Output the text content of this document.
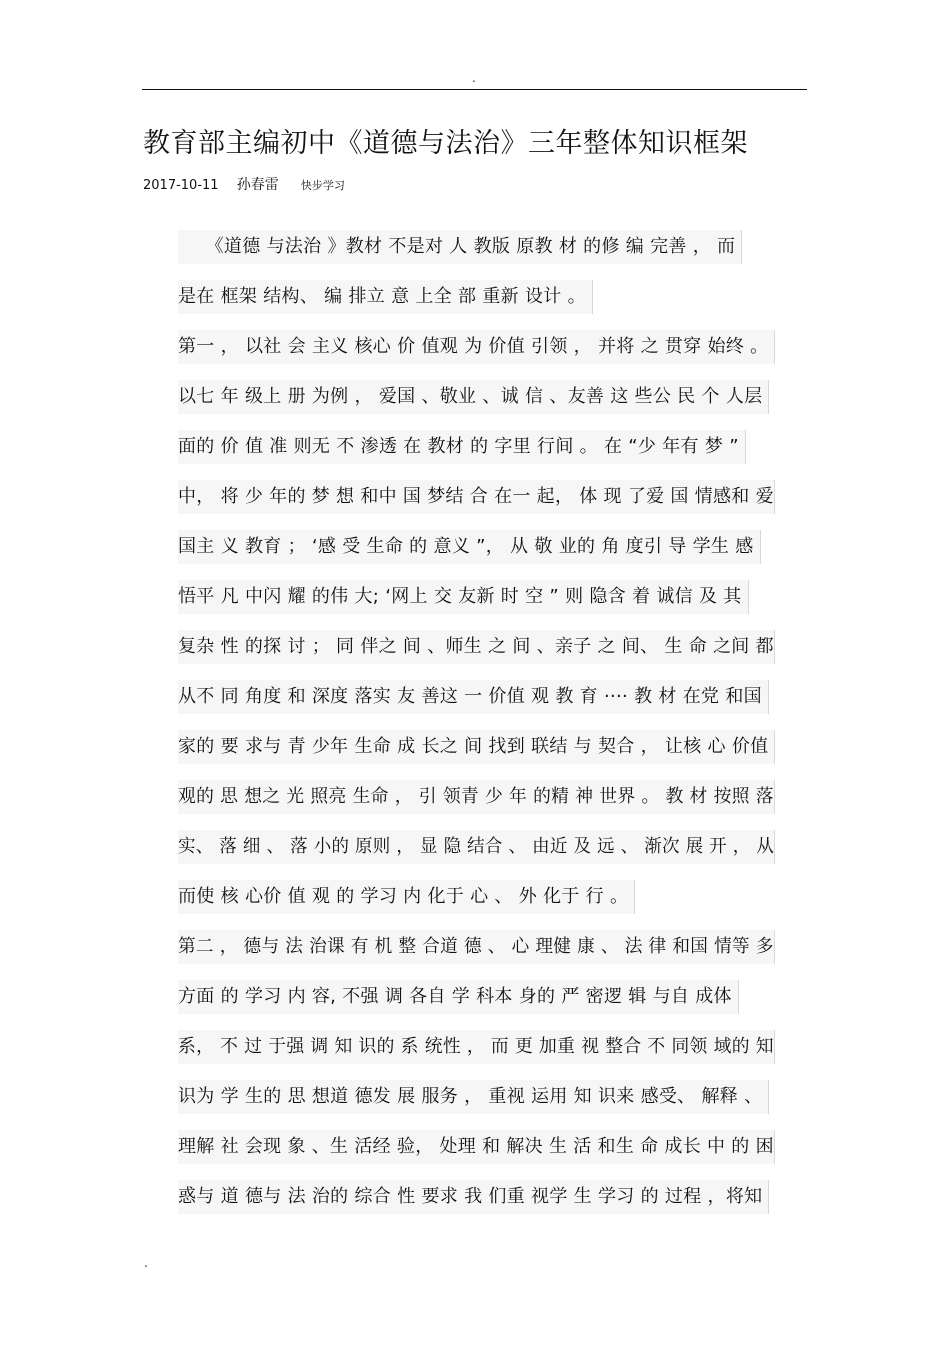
.
教育部主编初中《道德与法治》三年整体知识框架
2017-10-11 孙春雷 快步学习
　　《道德 与法治 》教材 不是对 人 教版 原教 材 的修 编 完善 ， 而
是在 框架 结构、 编 排立 意 上全 部 重新 设计 。
第一 ， 以社 会 主义 核心 价 值观 为 价值 引领 ， 并将 之 贯穿 始终 。
以七 年 级上 册 为例 ， 爱国 、敬业 、诚 信 、友善 这 些公 民 个 人层
面的 价 值 准 则无 不 渗透 在 教材 的 字里 行间 。 在 “少 年有 梦 ”
中， 将 少 年的 梦 想 和中 国 梦结 合 在一 起， 体 现 了爱 国 情感和 爱
国主 义 教育 ； ‘感 受 生命 的 意义 ”， 从 敬 业的 角 度引 导 学生 感
悟平 凡 中闪 耀 的伟 大; ‘网上 交 友新 时 空 ” 则 隐含 着 诚信 及 其
复杂 性 的探 讨 ； 同 伴之 间 、师生 之 间 、亲子 之 间、 生 命 之间 都
从不 同 角度 和 深度 落实 友 善这 一 价值 观 教 育 ···· 教 材 在党 和国
家的 要 求与 青 少年 生命 成 长之 间 找到 联结 与 契合 ， 让核 心 价值
观的 思 想之 光 照亮 生命 ， 引 领青 少 年 的精 神 世界 。 教 材 按照 落
实、 落 细 、 落 小的 原则 ， 显 隐 结合 、 由近 及 远 、 渐次 展 开 ， 从
而使 核 心价 值 观 的 学习 内 化于 心 、 外 化于 行 。
第二 ， 德与 法 治课 有 机 整 合道 德 、 心 理健 康 、 法 律 和国 情等 多
方面 的 学习 内 容, 不强 调 各自 学 科本 身的 严 密逻 辑 与自 成体
系， 不 过 于强 调 知 识的 系 统性 ， 而 更 加重 视 整合 不 同领 域的 知
识为 学 生的 思 想道 德发 展 服务 ， 重视 运用 知 识来 感受、 解释 、
理解 社 会现 象 、生 活经 验， 处理 和 解决 生 活 和生 命 成长 中 的 困
惑与 道 德与 法 治的 综合 性 要求 我 们重 视学 生 学习 的 过程 ，将知
.
